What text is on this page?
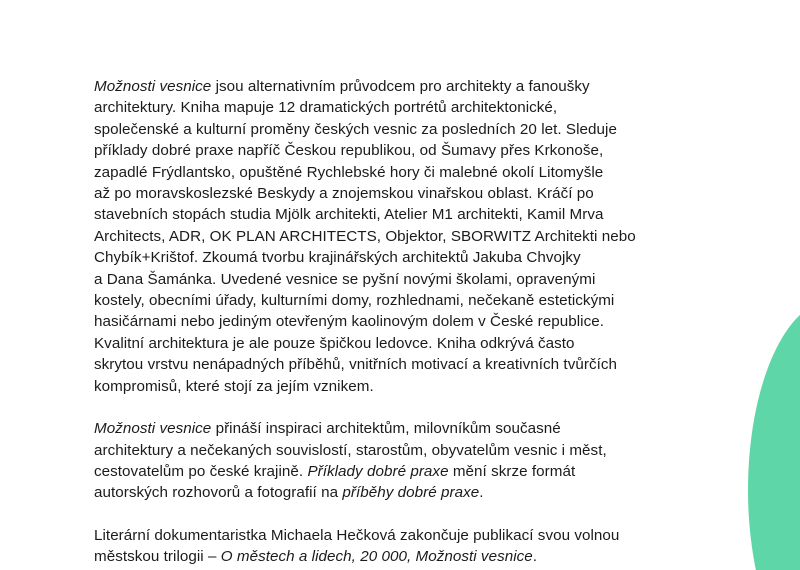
Možnosti vesnice jsou alternativním průvodcem pro architekty a fanoušky
architektury. Kniha mapuje 12 dramatických portrétů architektonické,
společenské a kulturní proměny českých vesnic za posledních 20 let. Sleduje
příklady dobré praxe napříč Českou republikou, od Šumavy přes Krkonoše,
zapadlé Frýdlantsko, opuštěné Rychlebské hory či malebné okolí Litomyšle
až po moravskoslezské Beskydy a znojemskou vinařskou oblast. Kráčí po
stavebních stopách studia Mjölk architekti, Atelier M1 architekti, Kamil Mrva
Architects, ADR, OK PLAN ARCHITECTS, Objektor, SBORWITZ Architekti nebo
Chybík+Krištof. Zkoumá tvorbu krajinářských architektů Jakuba Chvojky
a Dana Šamánka. Uvedené vesnice se pyšní novými školami, opravenými
kostely, obecními úřady, kulturními domy, rozhlednami, nečekaně estetickými
hasičárnami nebo jediným otevřeným kaolinovým dolem v České republice.
Kvalitní architektura je ale pouze špičkou ledovce. Kniha odkrývá často
skrytou vrstvu nenápadných příběhů, vnitřních motivací a kreativních tvůrčích
kompromisů, které stojí za jejím vznikem.

Možnosti vesnice přináší inspiraci architektům, milovníkům současné
architektury a nečekaných souvislostí, starostům, obyvatelům vesnic i měst,
cestovatelům po české krajině. Příklady dobré praxe mění skrze formát
autorských rozhovorů a fotografií na příběhy dobré praxe.

Literární dokumentaristka Michaela Hečková zakončuje publikací svou volnou
městskou trilogii – O městech a lidech, 20 000, Možnosti vesnice.
